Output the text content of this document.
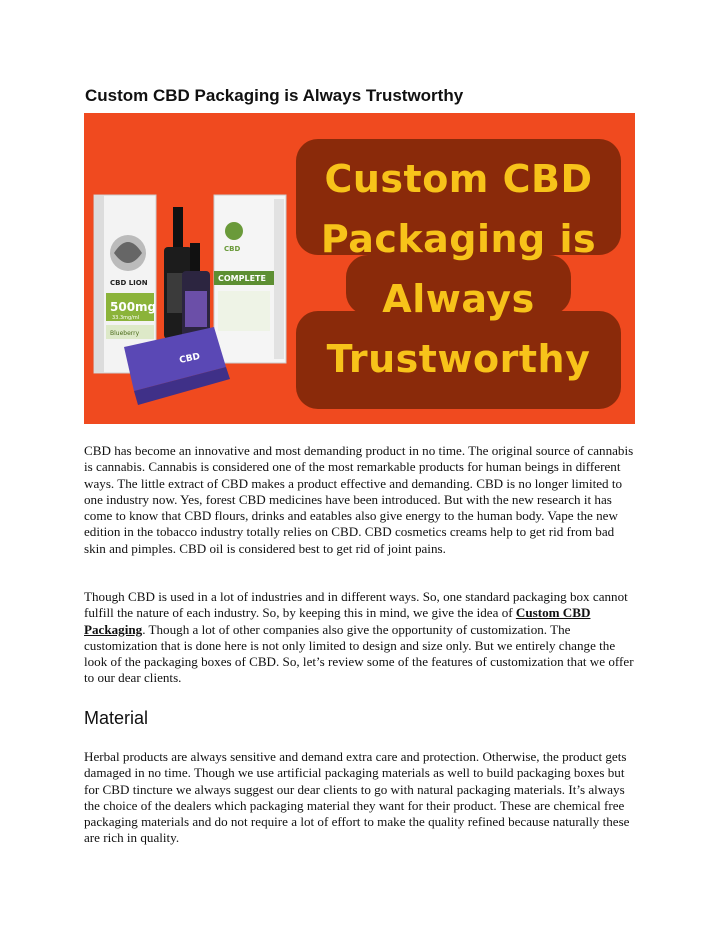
Custom CBD Packaging is Always Trustworthy
CBD LION
500mg
33.3mg/ml
Blueberry
CBD
COMPLETE
CBD
Custom CBD
Packaging is
Always
Trustworthy

CBD has become an innovative and most demanding product in no time. The original source of cannabis is cannabis. Cannabis is considered one of the most remarkable products for human beings in different ways. The little extract of CBD makes a product effective and demanding. CBD is no longer limited to one industry now. Yes, forest CBD medicines have been introduced. But with the new research it has come to know that CBD flours, drinks and eatables also give energy to the human body. Vape the new edition in the tobacco industry totally relies on CBD. CBD cosmetics creams help to get rid from bad skin and pimples. CBD oil is considered best to get rid of joint pains.

Though CBD is used in a lot of industries and in different ways. So, one standard packaging box cannot fulfill the nature of each industry. So, by keeping this in mind, we give the idea of Custom CBD Packaging. Though a lot of other companies also give the opportunity of customization. The customization that is done here is not only limited to design and size only. But we entirely change the look of the packaging boxes of CBD. So, let’s review some of the features of customization that we offer to our dear clients.

Material

Herbal products are always sensitive and demand extra care and protection. Otherwise, the product gets damaged in no time. Though we use artificial packaging materials as well to build packaging boxes but for CBD tincture we always suggest our dear clients to go with natural packaging materials. It’s always the choice of the dealers which packaging material they want for their product. These are chemical free packaging materials and do not require a lot of effort to make the quality refined because naturally these are rich in quality.
